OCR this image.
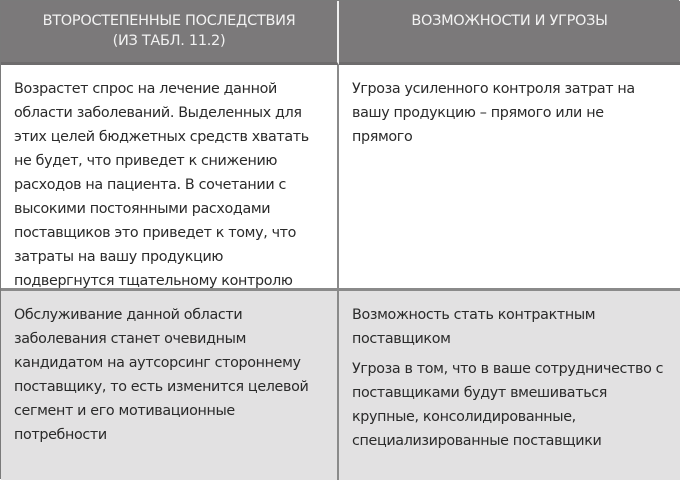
ВТОРОСТЕПЕННЫЕ ПОСЛЕДСТВИЯ
(ИЗ ТАБЛ. 11.2)
ВОЗМОЖНОСТИ И УГРОЗЫ
Возрастет спрос на лечение данной области заболеваний. Выделенных для этих целей бюджетных средств хватать не будет, что приведет к снижению расходов на пациента. В сочетании с высокими постоянными расходами поставщиков это приведет к тому, что затраты на вашу продукцию подвергнутся тщательному контролю
Угроза усиленного контроля затрат на вашу продукцию – прямого или не прямого
Обслуживание данной области заболевания станет очевидным кандидатом на аутсорсинг стороннему поставщику, то есть изменится целевой сегмент и его мотивационные потребности
Возможность стать контрактным поставщиком
Угроза в том, что в ваше сотрудничество с поставщиками будут вмешиваться крупные, консолидированные, специализированные поставщики
